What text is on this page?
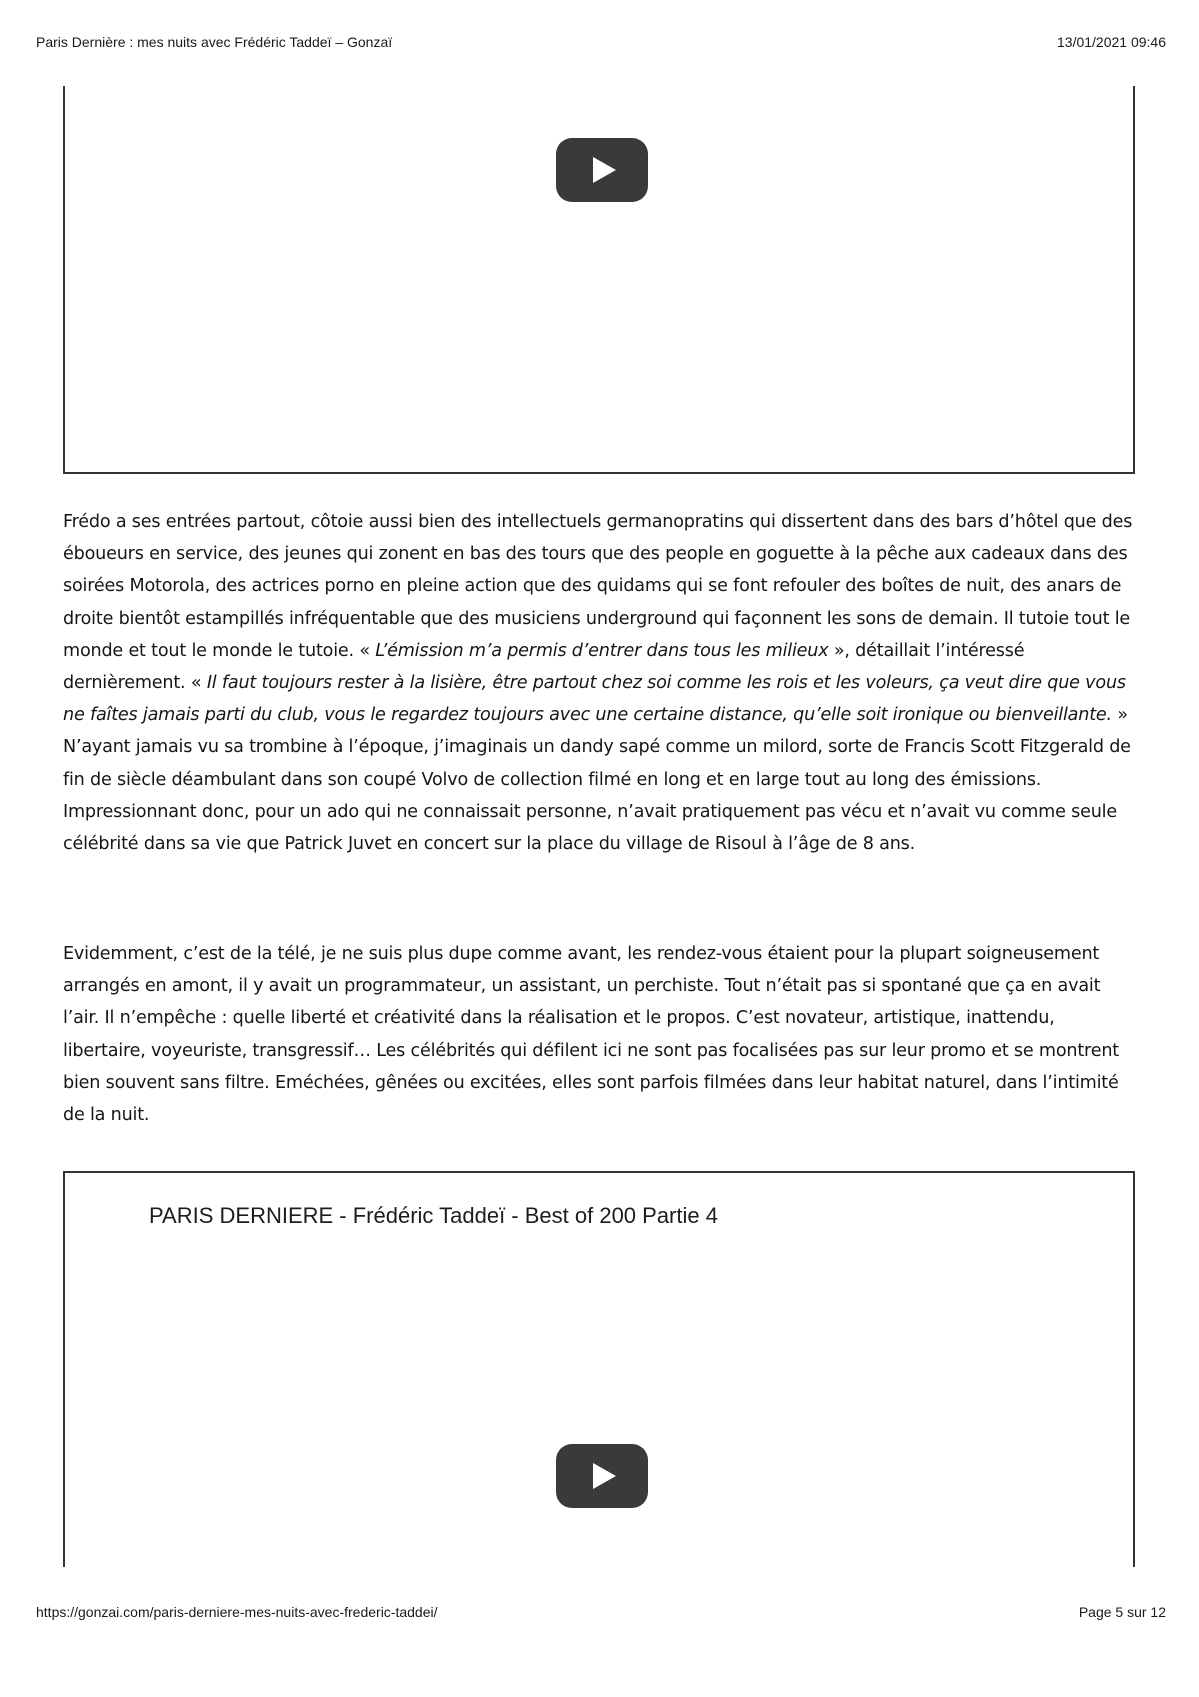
Paris Dernière : mes nuits avec Frédéric Taddeï – Gonzaï	13/01/2021 09:46

Frédo a ses entrées partout, côtoie aussi bien des intellectuels germanopratins qui dissertent dans des bars d’hôtel que des éboueurs en service, des jeunes qui zonent en bas des tours que des people en goguette à la pêche aux cadeaux dans des soirées Motorola, des actrices porno en pleine action que des quidams qui se font refouler des boîtes de nuit, des anars de droite bientôt estampillés infréquentable que des musiciens underground qui façonnent les sons de demain. Il tutoie tout le monde et tout le monde le tutoie. « L’émission m’a permis d’entrer dans tous les milieux », détaillait l’intéressé dernièrement. « Il faut toujours rester à la lisière, être partout chez soi comme les rois et les voleurs, ça veut dire que vous ne faîtes jamais parti du club, vous le regardez toujours avec une certaine distance, qu’elle soit ironique ou bienveillante. » N’ayant jamais vu sa trombine à l’époque, j’imaginais un dandy sapé comme un milord, sorte de Francis Scott Fitzgerald de fin de siècle déambulant dans son coupé Volvo de collection filmé en long et en large tout au long des émissions. Impressionnant donc, pour un ado qui ne connaissait personne, n’avait pratiquement pas vécu et n’avait vu comme seule célébrité dans sa vie que Patrick Juvet en concert sur la place du village de Risoul à l’âge de 8 ans.

Evidemment, c’est de la télé, je ne suis plus dupe comme avant, les rendez-vous étaient pour la plupart soigneusement arrangés en amont, il y avait un programmateur, un assistant, un perchiste. Tout n’était pas si spontané que ça en avait l’air. Il n’empêche : quelle liberté et créativité dans la réalisation et le propos. C’est novateur, artistique, inattendu, libertaire, voyeuriste, transgressif… Les célébrités qui défilent ici ne sont pas focalisées pas sur leur promo et se montrent bien souvent sans filtre. Eméchées, gênées ou excitées, elles sont parfois filmées dans leur habitat naturel, dans l’intimité de la nuit.

PARIS DERNIERE - Frédéric Taddeï - Best of 200 Partie 4
https://gonzai.com/paris-derniere-mes-nuits-avec-frederic-taddei/	Page 5 sur 12
